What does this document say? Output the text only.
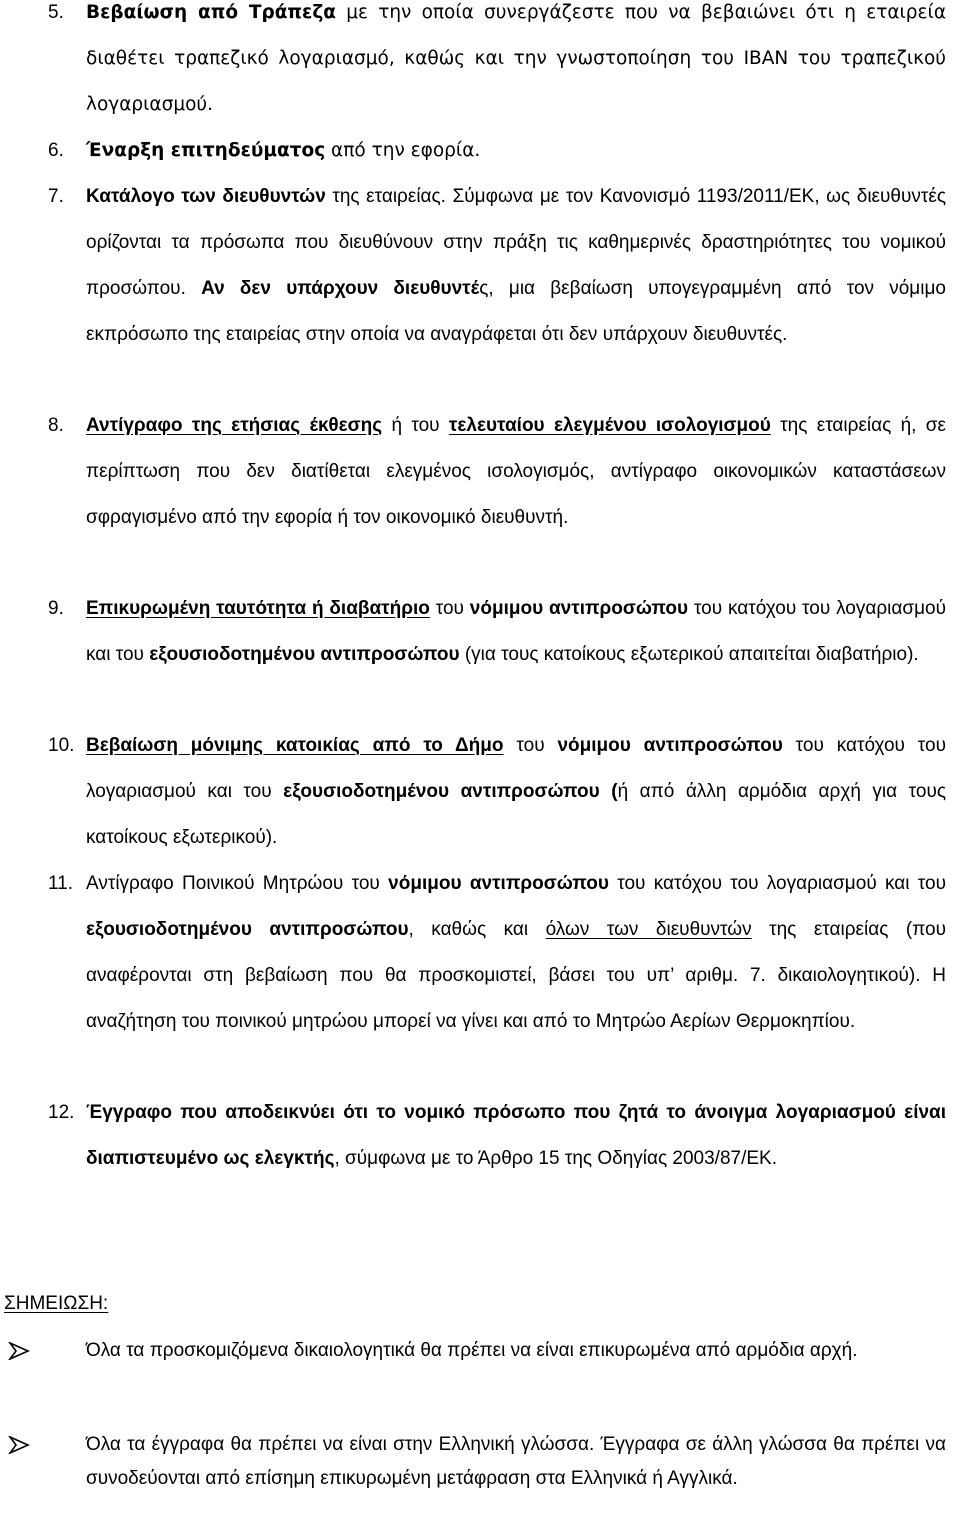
5. Βεβαίωση από Τράπεζα με την οποία συνεργάζεστε που να βεβαιώνει ότι η εταιρεία διαθέτει τραπεζικό λογαριασμό, καθώς και την γνωστοποίηση του IBAN του τραπεζικού λογαριασμού.
6. Έναρξη επιτηδεύματος από την εφορία.
7. Κατάλογο των διευθυντών της εταιρείας. Σύμφωνα με τον Κανονισμό 1193/2011/ΕΚ, ως διευθυντές ορίζονται τα πρόσωπα που διευθύνουν στην πράξη τις καθημερινές δραστηριότητες του νομικού προσώπου. Αν δεν υπάρχουν διευθυντές, μια βεβαίωση υπογεγραμμένη από τον νόμιμο εκπρόσωπο της εταιρείας στην οποία να αναγράφεται ότι δεν υπάρχουν διευθυντές.
8. Αντίγραφο της ετήσιας έκθεσης ή του τελευταίου ελεγμένου ισολογισμού της εταιρείας ή, σε περίπτωση που δεν διατίθεται ελεγμένος ισολογισμός, αντίγραφο οικονομικών καταστάσεων σφραγισμένο από την εφορία ή τον οικονομικό διευθυντή.
9. Επικυρωμένη ταυτότητα ή διαβατήριο του νόμιμου αντιπροσώπου του κατόχου του λογαριασμού και του εξουσιοδοτημένου αντιπροσώπου (για τους κατοίκους εξωτερικού απαιτείται διαβατήριο).
10. Βεβαίωση μόνιμης κατοικίας από το Δήμο του νόμιμου αντιπροσώπου του κατόχου του λογαριασμού και του εξουσιοδοτημένου αντιπροσώπου (ή από άλλη αρμόδια αρχή για τους κατοίκους εξωτερικού).
11. Αντίγραφο Ποινικού Μητρώου του νόμιμου αντιπροσώπου του κατόχου του λογαριασμού και του εξουσιοδοτημένου αντιπροσώπου, καθώς και όλων των διευθυντών της εταιρείας (που αναφέρονται στη βεβαίωση που θα προσκομιστεί, βάσει του υπ’ αριθμ. 7. δικαιολογητικού). Η αναζήτηση του ποινικού μητρώου μπορεί να γίνει και από το Μητρώο Αερίων Θερμοκηπίου.
12. Έγγραφο που αποδεικνύει ότι το νομικό πρόσωπο που ζητά το άνοιγμα λογαριασμού είναι διαπιστευμένο ως ελεγκτής, σύμφωνα με το Άρθρο 15 της Οδηγίας 2003/87/ΕΚ.
ΣΗΜΕΙΩΣΗ:
Όλα τα προσκομιζόμενα δικαιολογητικά θα πρέπει να είναι επικυρωμένα από αρμόδια αρχή.
Όλα τα έγγραφα θα πρέπει να είναι στην Ελληνική γλώσσα. Έγγραφα σε άλλη γλώσσα θα πρέπει να συνοδεύονται από επίσημη επικυρωμένη μετάφραση στα Ελληνικά ή Αγγλικά.
